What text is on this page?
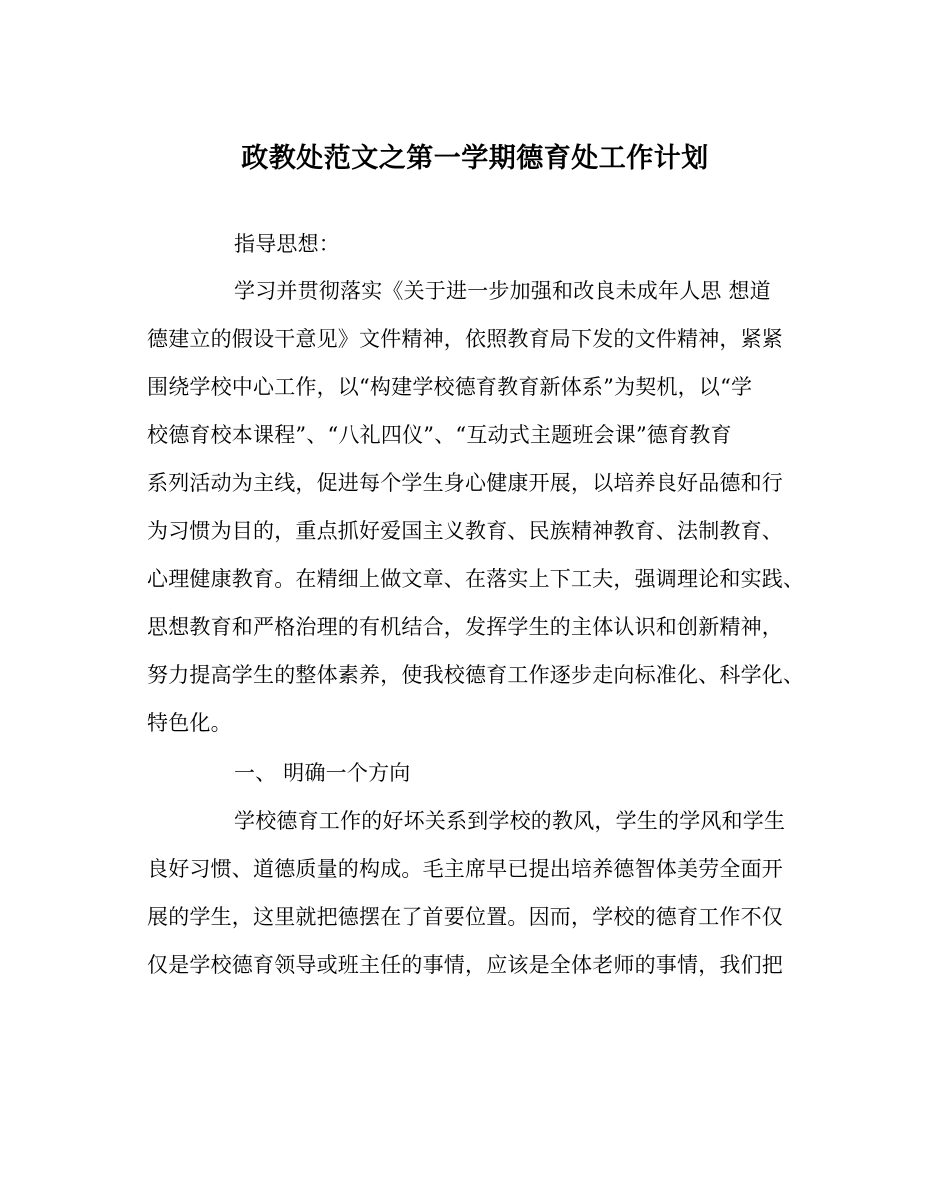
政教处范文之第一学期德育处工作计划
指导思想：
学习并贯彻落实《关于进一步加强和改良未成年人思 想道
德建立的假设干意见》文件精神，依照教育局下发的文件精神，紧紧
围绕学校中心工作，以“构建学校德育教育新体系”为契机，以“学
校德育校本课程”、“八礼四仪”、“互动式主题班会课”德育教育
系列活动为主线，促进每个学生身心健康开展，以培养良好品德和行
为习惯为目的，重点抓好爱国主义教育、民族精神教育、法制教育、
心理健康教育。在精细上做文章、在落实上下工夫，强调理论和实践、
思想教育和严格治理的有机结合，发挥学生的主体认识和创新精神，
努力提高学生的整体素养，使我校德育工作逐步走向标准化、科学化、
特色化。
一、 明确一个方向
学校德育工作的好坏关系到学校的教风，学生的学风和学生
良好习惯、道德质量的构成。毛主席早已提出培养德智体美劳全面开
展的学生，这里就把德摆在了首要位置。因而，学校的德育工作不仅
仅是学校德育领导或班主任的事情，应该是全体老师的事情，我们把
